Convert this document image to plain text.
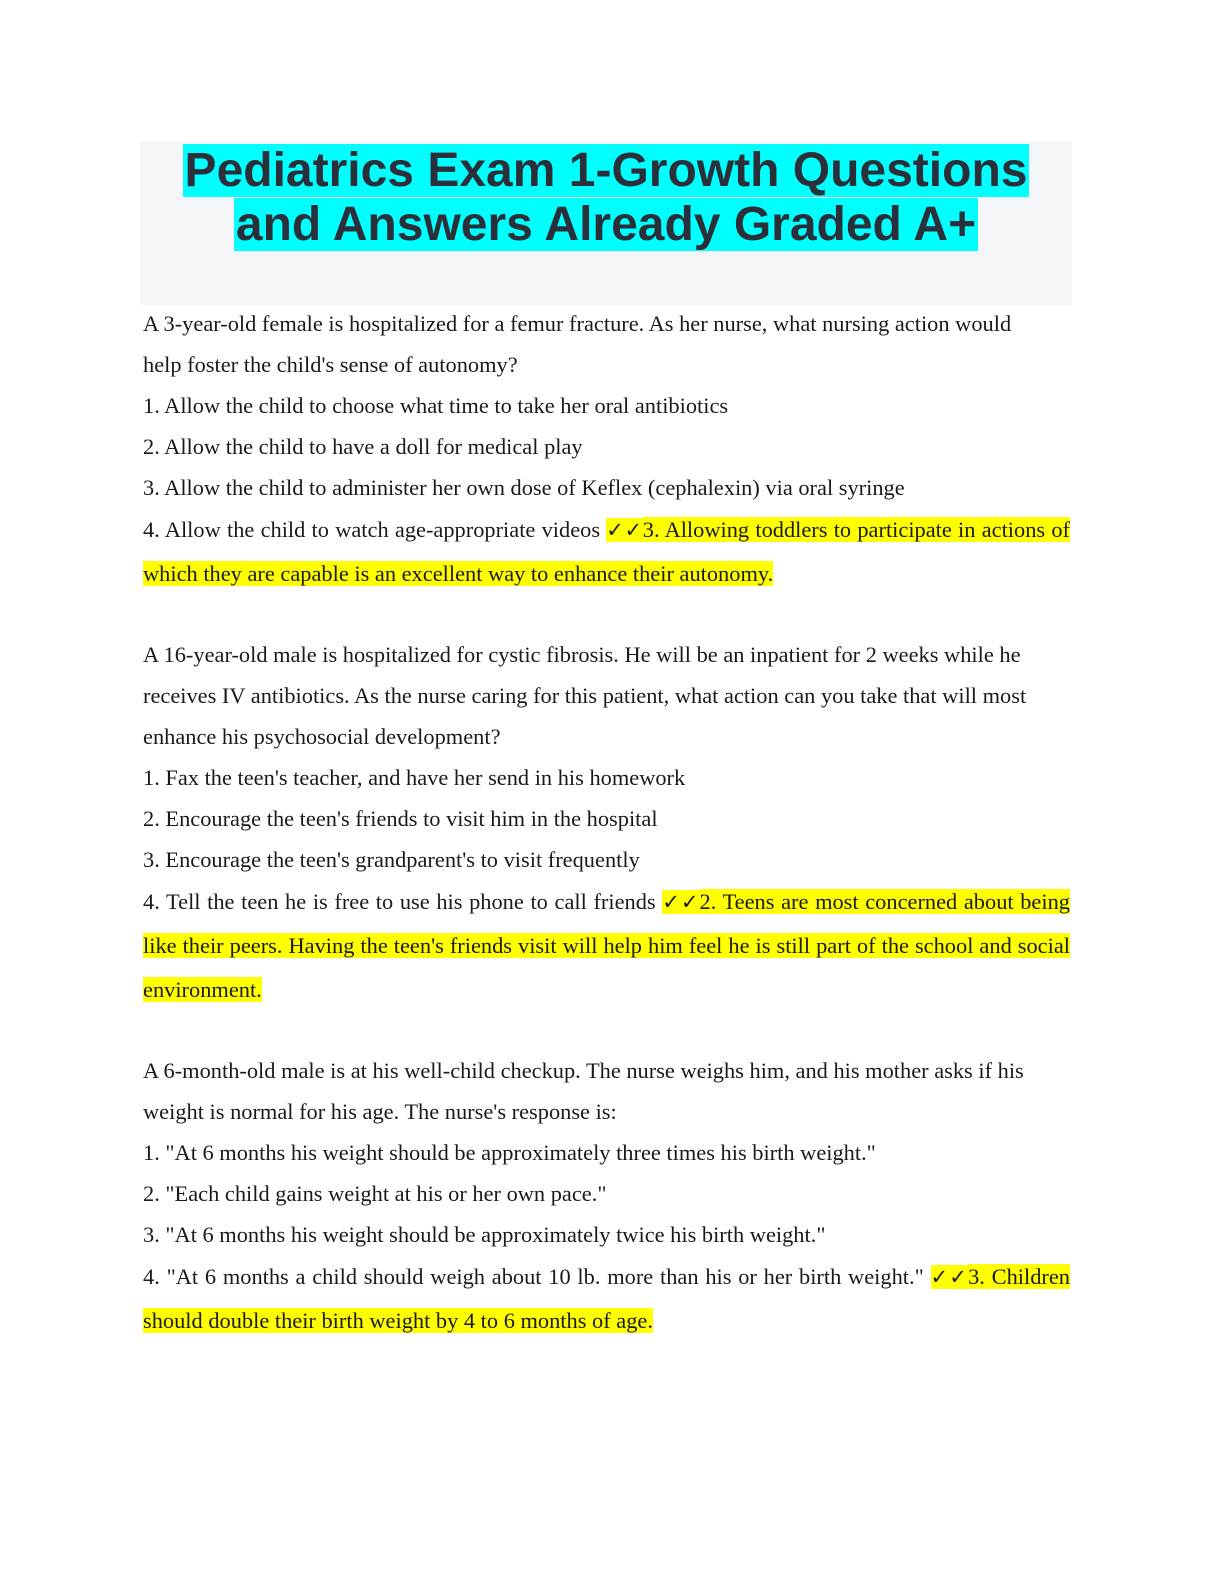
Pediatrics Exam 1-Growth Questions

and Answers Already Graded A+

A 3-year-old female is hospitalized for a femur fracture. As her nurse, what nursing action would

help foster the child's sense of autonomy?

1. Allow the child to choose what time to take her oral antibiotics

2. Allow the child to have a doll for medical play

3. Allow the child to administer her own dose of Keflex (cephalexin) via oral syringe

4. Allow the child to watch age-appropriate videos ✓✓3. Allowing toddlers to participate in actions of which they are capable is an excellent way to enhance their autonomy.

A 16-year-old male is hospitalized for cystic fibrosis. He will be an inpatient for 2 weeks while he

receives IV antibiotics. As the nurse caring for this patient, what action can you take that will most

enhance his psychosocial development?

1. Fax the teen's teacher, and have her send in his homework

2. Encourage the teen's friends to visit him in the hospital

3. Encourage the teen's grandparent's to visit frequently

4. Tell the teen he is free to use his phone to call friends ✓✓2. Teens are most concerned about being like their peers. Having the teen's friends visit will help him feel he is still part of the school and social environment.

A 6-month-old male is at his well-child checkup. The nurse weighs him, and his mother asks if his

weight is normal for his age. The nurse's response is:

1. "At 6 months his weight should be approximately three times his birth weight."

2. "Each child gains weight at his or her own pace."

3. "At 6 months his weight should be approximately twice his birth weight."

4. "At 6 months a child should weigh about 10 lb. more than his or her birth weight." ✓✓3. Children should double their birth weight by 4 to 6 months of age.
